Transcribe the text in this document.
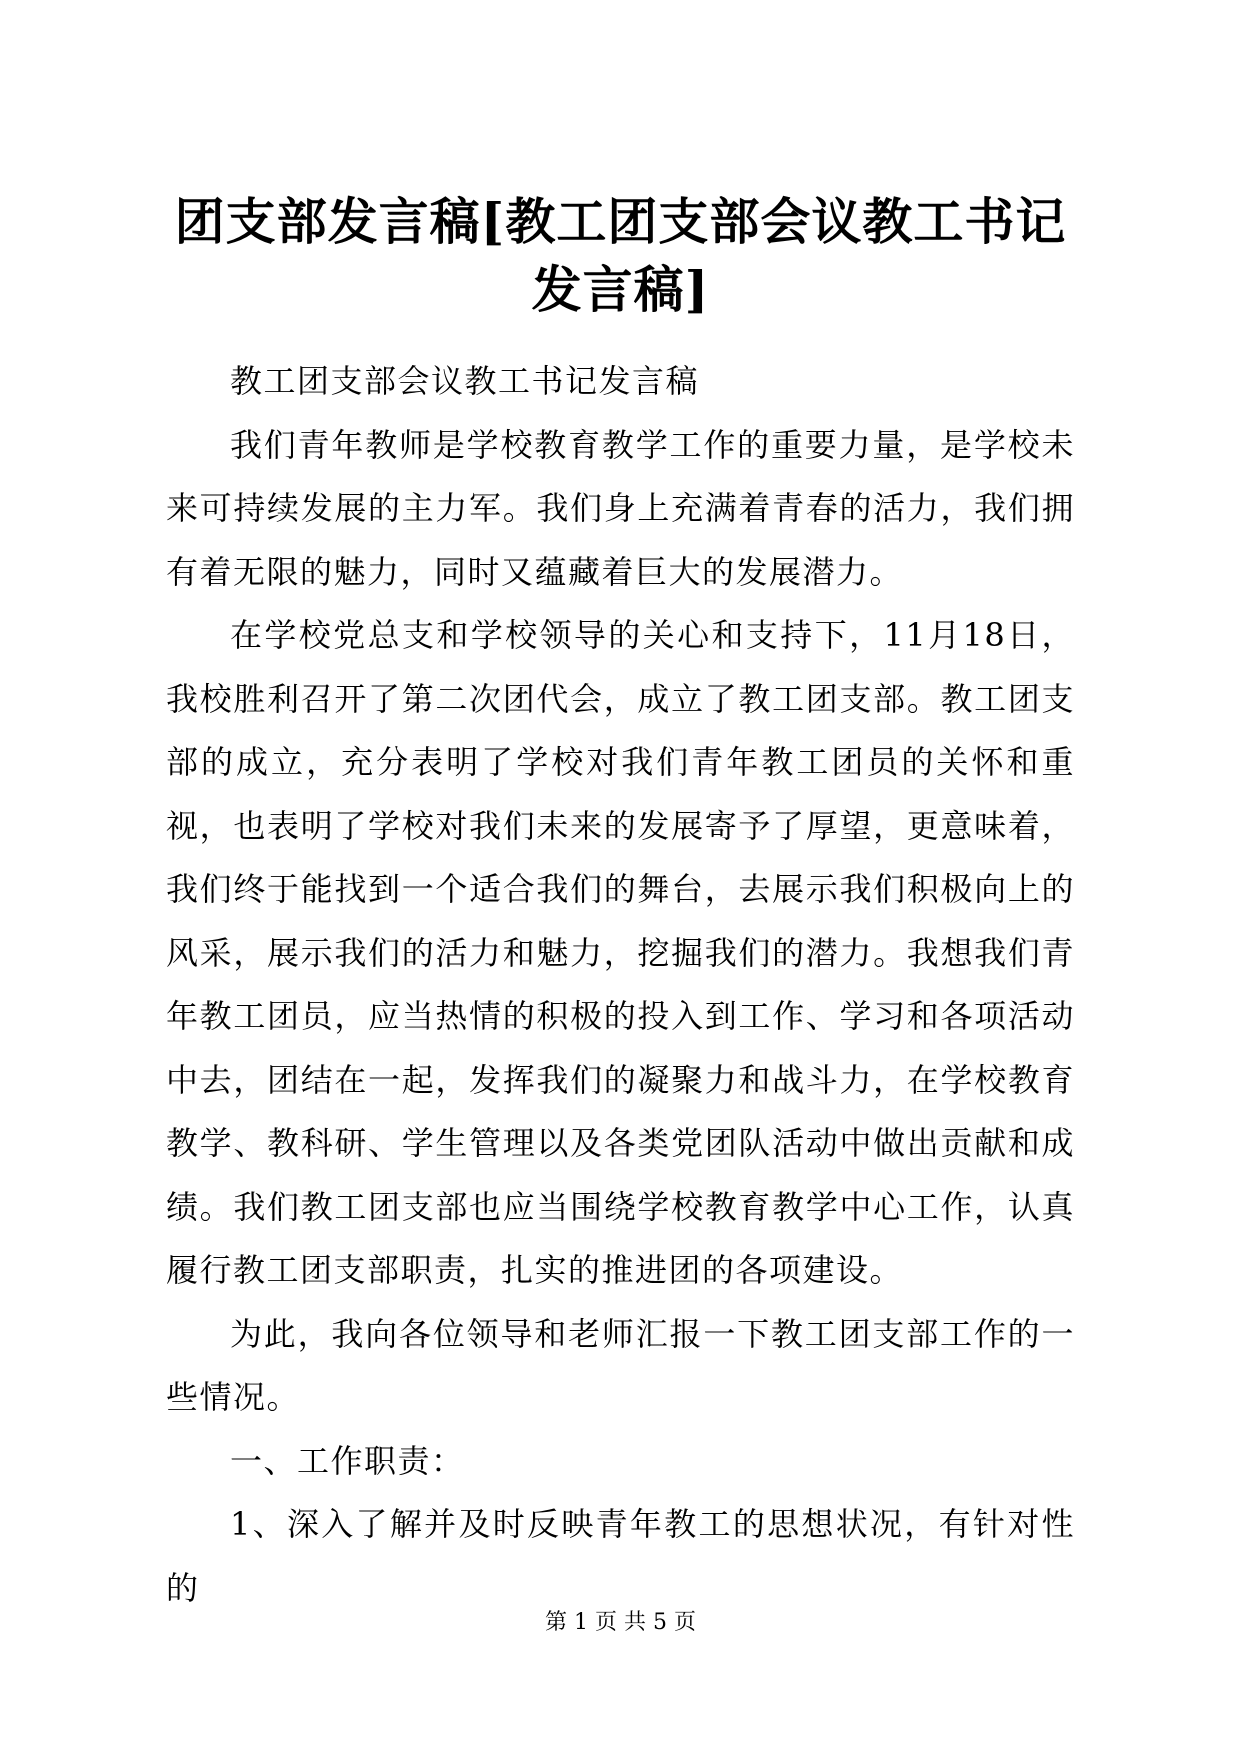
团支部发言稿[教工团支部会议教工书记发言稿]

教工团支部会议教工书记发言稿

我们青年教师是学校教育教学工作的重要力量，是学校未来可持续发展的主力军。我们身上充满着青春的活力，我们拥有着无限的魅力，同时又蕴藏着巨大的发展潜力。

在学校党总支和学校领导的关心和支持下，11月18日，我校胜利召开了第二次团代会，成立了教工团支部。教工团支部的成立，充分表明了学校对我们青年教工团员的关怀和重视，也表明了学校对我们未来的发展寄予了厚望，更意味着，我们终于能找到一个适合我们的舞台，去展示我们积极向上的风采，展示我们的活力和魅力，挖掘我们的潜力。我想我们青年教工团员，应当热情的积极的投入到工作、学习和各项活动中去，团结在一起，发挥我们的凝聚力和战斗力，在学校教育教学、教科研、学生管理以及各类党团队活动中做出贡献和成绩。我们教工团支部也应当围绕学校教育教学中心工作，认真履行教工团支部职责，扎实的推进团的各项建设。

为此，我向各位领导和老师汇报一下教工团支部工作的一些情况。

一、工作职责：

1、深入了解并及时反映青年教工的思想状况，有针对性的

第 1 页 共 5 页
